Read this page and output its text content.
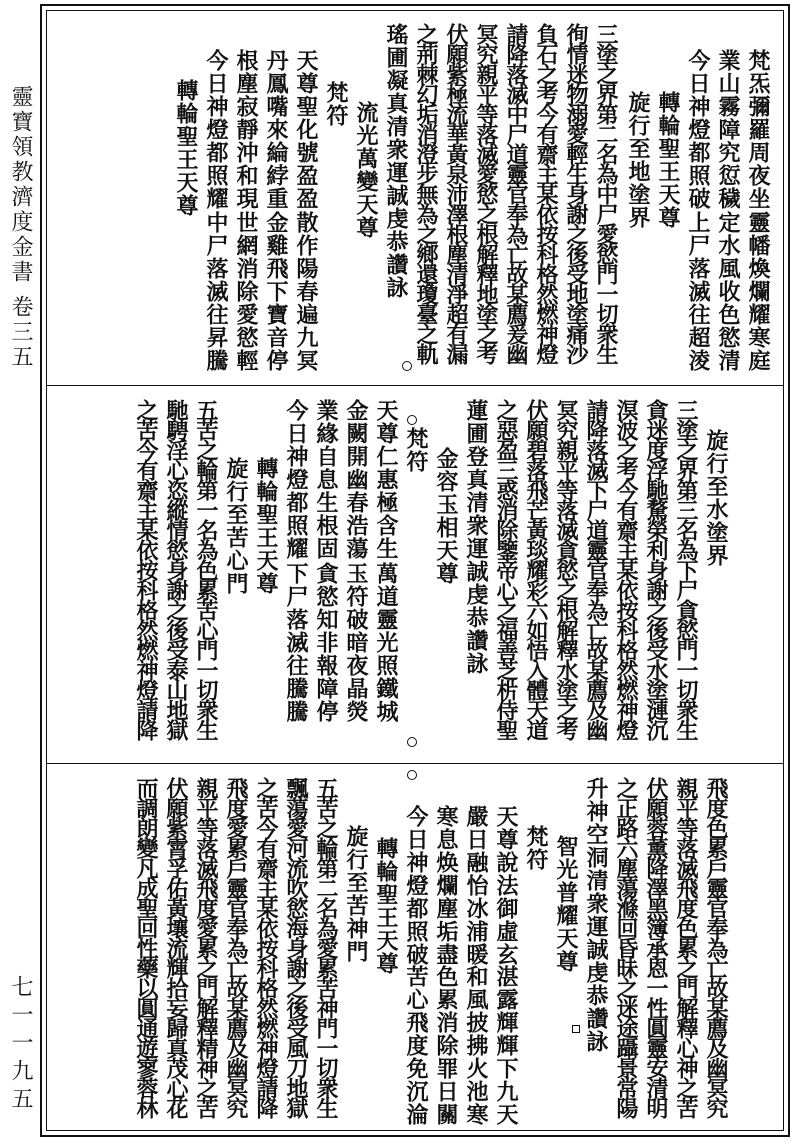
靈寶領教濟度金書 卷三五
七一一九五
梵炁彌羅周夜坐
業山霧障究愆穢
今日神燈都照破
轉輪聖王天尊
旋行至地塗界
靈幡煥爛耀寒庭
定水風收色慾清
上尸落滅往超淩
三塗之界第二名為中尸愛慾門一切衆生
徇情迷物溺愛輕生身謝之後受地塗痛沙
負石之考今有齋主某依按科格然燃神燈
請降落滅中尸道靈官奉為亡故某薦爰幽
冥究親平等落滅愛慾之根解釋地塗之考
伏願紫極流華黃泉沛澤根塵清淨超有漏
之荊棘幻垢消澄步無為之鄉還瓊臺之軌
瑤圃凝真清衆運誠虔恭讚詠
流光萬變天尊
梵符
天尊聖化號盈盈
丹鳳嘴來綸綍重
根塵寂靜沖和現
今日神燈都照耀
轉輪聖王天尊
散作陽春遍九冥
金雞飛下寶音停
世網消除愛慾輕
中尸落滅往昇騰
旋行至水塗界
三塗之界第三名為下尸貪慾門一切衆生
貪迷度浮馳騖榮利身謝之後受水塗漣沉
溟波之考今有齋主某依按科格然燃神燈
請降落滅下尸道靈官奉為亡故某薦及幽
冥究親平等落滅貪慾之根解釋水塗之考
伏願碧落飛芒黃琰耀彩六如悟入體天道
之惡盈三惑消除鑒帝心之福善芝㭊侍聖
蓮圃登真清衆運誠虔恭讚詠
金容玉相天尊
梵符
天尊仁惠極含生
金闕開幽春浩蕩
業緣自息生根固
今日神燈都照耀
萬道靈光照鐵城
玉符破暗夜晶熒
貪慾知非報障停
下尸落滅往騰騰
轉輪聖王天尊
旋行至苦心門
五苦之輪第一名為色累苦心門一切衆生
馳騁淫心恣縱情慾身謝之後受泰山地獄
之苦今有齋主某依按科格然燃神燈請降
飛度色累戶靈官奉為亡故某薦及幽冥究
親平等落滅飛度色累之門解釋心神之苦
伏願蓉薰降澤黑簿承恩一性圓靈安清明
之正路六塵蕩滌回昏昧之迷途躡景常陽
升神空洞清衆運誠虔恭讚詠
智光普耀天尊
梵符
天尊說法御虛玄
嚴日融怡冰浦暖
寒息焕爛塵垢盡
今日神燈都照破
轉輪聖王天尊
湛露輝輝下九天
和風披拂火池寒
色累消除罪日關
苦心飛度免沉淪
旋行至苦神門
五苦之輪第二名為愛累苦神門一切衆生
飄蕩愛河流吹慾海身謝之後受風刀地獄
之苦今有齋主某依按科格然燃神燈請降
飛度愛累戶靈官奉為亡故某薦及幽冥究
親平等落滅飛度愛累之門解釋精神之苦
伏願紫霄孚佑黃壤流輝拾妄歸真茂心花
而調朗變凡成聖回性藥以圓通遊寥蓉林
